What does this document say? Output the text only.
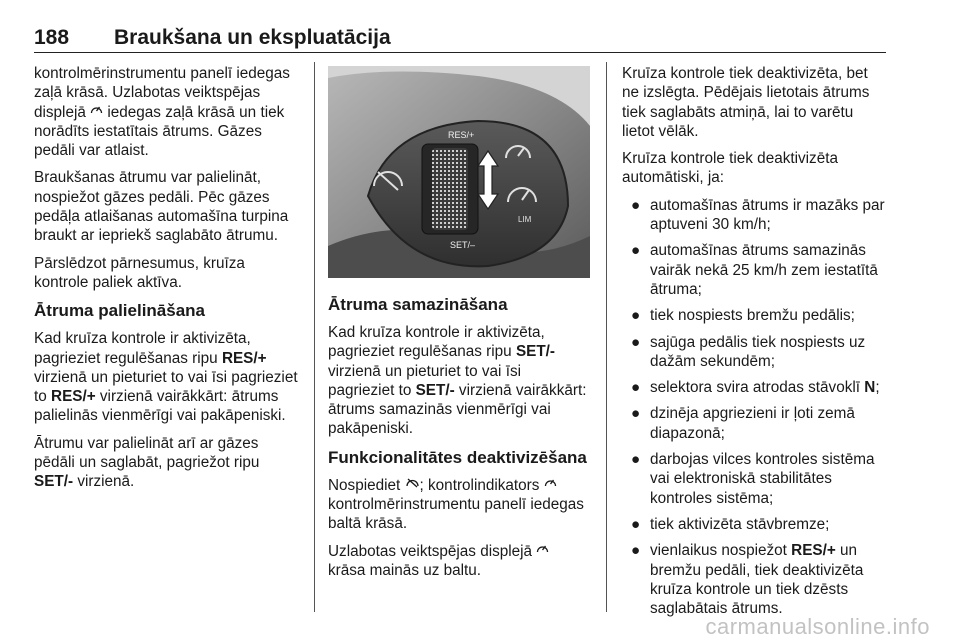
188 Braukšana un ekspluatācija

kontrolmērinstrumentu panelī iedegas zaļā krāsā. Uzlabotas veiktspējas displejā  iedegas zaļā krāsā un tiek norādīts iestatītais ātrums. Gāzes pedāli var atlaist.

Braukšanas ātrumu var palielināt, nospiežot gāzes pedāli. Pēc gāzes pedāļa atlaišanas automašīna turpina braukt ar iepriekš saglabāto ātrumu.

Pārslēdzot pārnesumus, kruīza kontrole paliek aktīva.

Ātruma palielināšana

Kad kruīza kontrole ir aktivizēta, pagrieziet regulēšanas ripu RES/+ virzienā un pieturiet to vai īsi pagrieziet to RES/+ virzienā vairākkārt: ātrums palielinās vienmērīgi vai pakāpeniski.

Ātrumu var palielināt arī ar gāzes pēdāli un saglabāt, pagriežot ripu SET/- virzienā.

LIM
RES/+
SET/–
Ātruma samazināšana

Kad kruīza kontrole ir aktivizēta, pagrieziet regulēšanas ripu SET/- virzienā un pieturiet to vai īsi pagrieziet to SET/- virzienā vairākkārt: ātrums samazinās vienmērīgi vai pakāpeniski.

Funkcionalitātes deaktivizēšana

Nospiediet ; kontrolindikators  kontrolmērinstrumentu panelī iedegas baltā krāsā.

Uzlabotas veiktspējas displejā  krāsa mainās uz baltu.

Kruīza kontrole tiek deaktivizēta, bet ne izslēgta. Pēdējais lietotais ātrums tiek saglabāts atmiņā, lai to varētu lietot vēlāk.

Kruīza kontrole tiek deaktivizēta automātiski, ja:

● automašīnas ātrums ir mazāks par aptuveni 30 km/h;
● automašīnas ātrums samazinās vairāk nekā 25 km/h zem iestatītā ātruma;
● tiek nospiests bremžu pedālis;
● sajūga pedālis tiek nospiests uz dažām sekundēm;
● selektora svira atrodas stāvoklī N;
● dzinēja apgriezieni ir ļoti zemā diapazonā;
● darbojas vilces kontroles sistēma vai elektroniskā stabilitātes kontroles sistēma;
● tiek aktivizēta stāvbremze;
● vienlaikus nospiežot RES/+ un bremžu pedāli, tiek deaktivizēta kruīza kontrole un tiek dzēsts saglabātais ātrums.
carmanualsonline.info
